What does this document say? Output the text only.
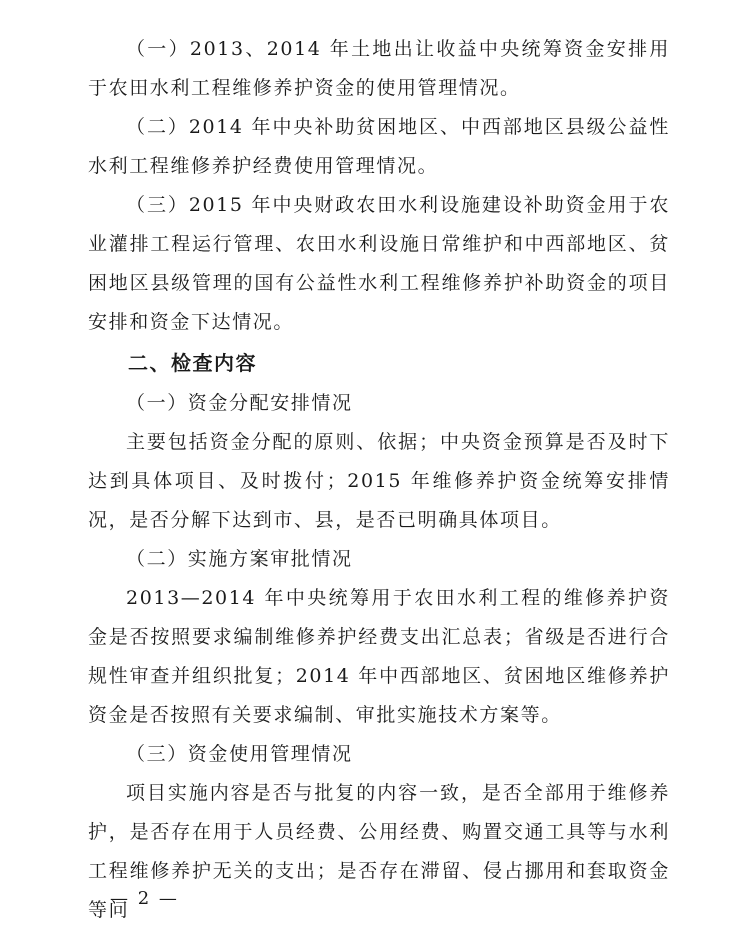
（一）2013、2014 年土地出让收益中央统筹资金安排用于农田水利工程维修养护资金的使用管理情况。

（二）2014 年中央补助贫困地区、中西部地区县级公益性水利工程维修养护经费使用管理情况。

（三）2015 年中央财政农田水利设施建设补助资金用于农业灌排工程运行管理、农田水利设施日常维护和中西部地区、贫困地区县级管理的国有公益性水利工程维修养护补助资金的项目安排和资金下达情况。

二、检查内容

（一）资金分配安排情况

主要包括资金分配的原则、依据；中央资金预算是否及时下达到具体项目、及时拨付；2015 年维修养护资金统筹安排情况，是否分解下达到市、县，是否已明确具体项目。

（二）实施方案审批情况

2013—2014 年中央统筹用于农田水利工程的维修养护资金是否按照要求编制维修养护经费支出汇总表；省级是否进行合规性审查并组织批复；2014 年中西部地区、贫困地区维修养护资金是否按照有关要求编制、审批实施技术方案等。

（三）资金使用管理情况

项目实施内容是否与批复的内容一致，是否全部用于维修养护，是否存在用于人员经费、公用经费、购置交通工具等与水利工程维修养护无关的支出；是否存在滞留、侵占挪用和套取资金等问

— 2 —
